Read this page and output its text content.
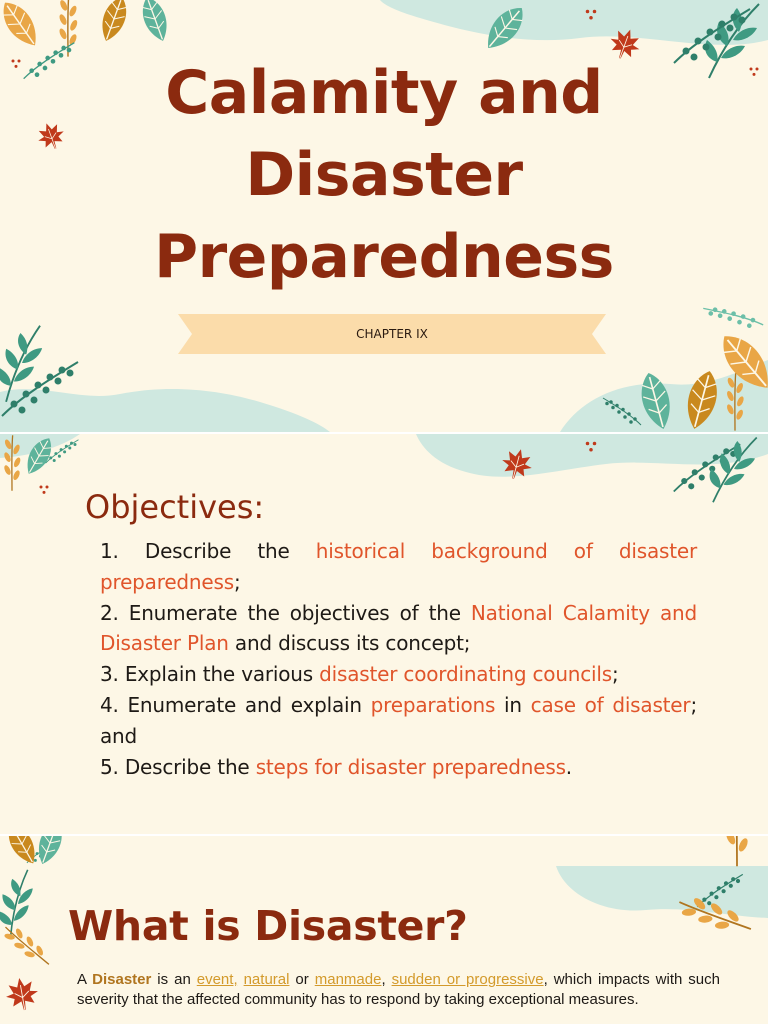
Calamity and
Disaster
Preparedness
CHAPTER IX
Objectives:

1. Describe the historical background of disaster preparedness;

2. Enumerate the objectives of the National Calamity and Disaster Plan and discuss its concept;

3. Explain the various disaster coordinating councils;

4. Enumerate and explain preparations in case of disaster; and

5. Describe the steps for disaster preparedness.

What is Disaster?

A Disaster is an event, natural or manmade, sudden or progressive, which impacts with such severity that the affected community has to respond by taking exceptional measures.
